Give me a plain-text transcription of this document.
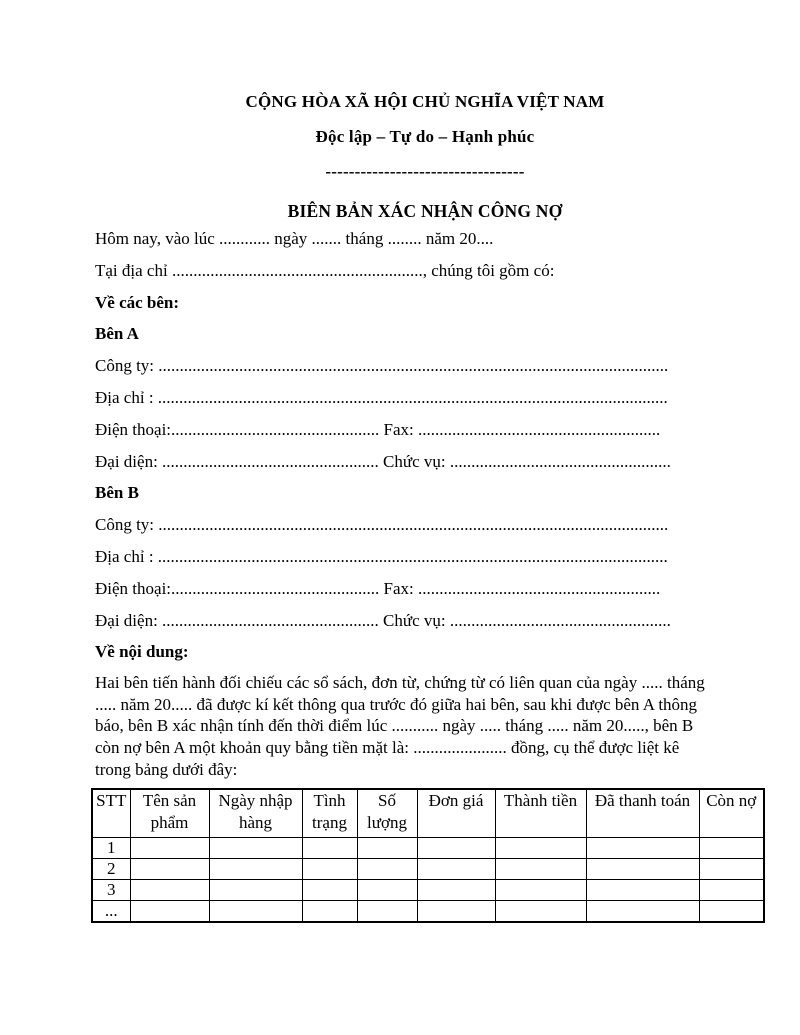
CỘNG HÒA XÃ HỘI CHỦ NGHĨA VIỆT NAM
Độc lập – Tự do – Hạnh phúc
----------------------------------
BIÊN BẢN XÁC NHẬN CÔNG NỢ

Hôm nay, vào lúc ............ ngày ....... tháng ........ năm 20....

Tại địa chỉ ..........................................................., chúng tôi gồm có:

Về các bên:

Bên A

Công ty: ........................................................................................................................

Địa chỉ : ........................................................................................................................

Điện thoại:................................................. Fax: .........................................................

Đại diện: ................................................... Chức vụ: ....................................................

Bên B

Công ty: ........................................................................................................................

Địa chỉ : ........................................................................................................................

Điện thoại:................................................. Fax: .........................................................

Đại diện: ................................................... Chức vụ: ....................................................

Về nội dung:

Hai bên tiến hành đối chiếu các sổ sách, đơn từ, chứng từ có liên quan của ngày ..... tháng ..... năm 20..... đã được kí kết thông qua trước đó giữa hai bên, sau khi được bên A thông báo, bên B xác nhận tính đến thời điểm lúc ........... ngày ..... tháng ..... năm 20....., bên B còn nợ bên A một khoản quy bằng tiền mặt là: ...................... đồng, cụ thể được liệt kê trong bảng dưới đây:

STT	Tên sản phẩm	Ngày nhập hàng	Tình trạng	Số lượng	Đơn giá	Thành tiền	Đã thanh toán	Còn nợ
1								
2								
3								
...								
